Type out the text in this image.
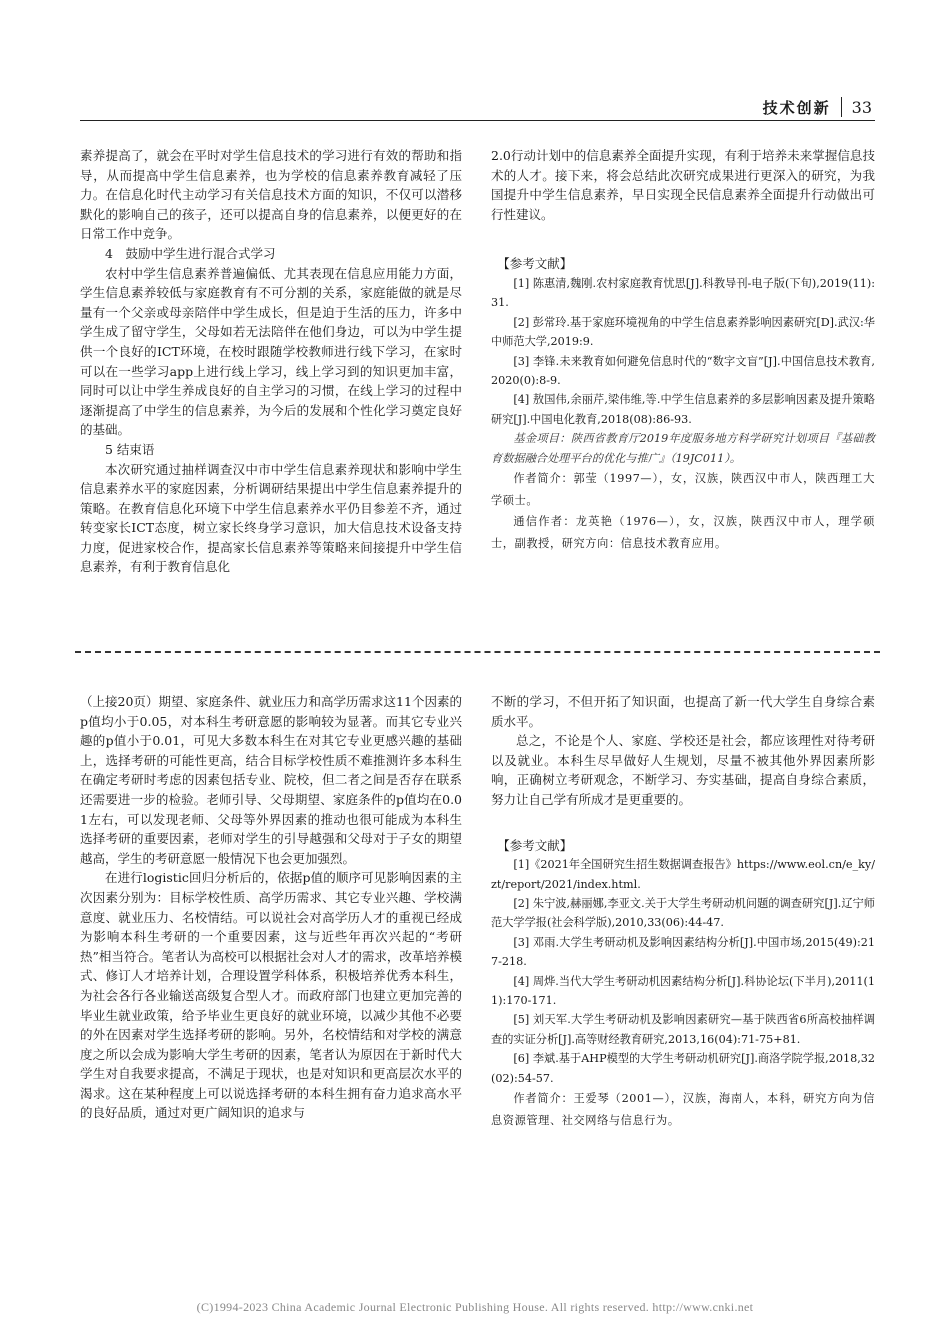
技术创新 33

素养提高了，就会在平时对学生信息技术的学习进行有效的帮助和指导，从而提高中学生信息素养，也为学校的信息素养教育减轻了压力。在信息化时代主动学习有关信息技术方面的知识，不仅可以潜移默化的影响自己的孩子，还可以提高自身的信息素养，以便更好的在日常工作中竞争。

4　鼓励中学生进行混合式学习

农村中学生信息素养普遍偏低、尤其表现在信息应用能力方面，学生信息素养较低与家庭教育有不可分割的关系，家庭能做的就是尽量有一个父亲或母亲陪伴中学生成长，但是迫于生活的压力，许多中学生成了留守学生，父母如若无法陪伴在他们身边，可以为中学生提供一个良好的ICT环境，在校时跟随学校教师进行线下学习，在家时可以在一些学习app上进行线上学习，线上学习到的知识更加丰富，同时可以让中学生养成良好的自主学习的习惯，在线上学习的过程中逐渐提高了中学生的信息素养，为今后的发展和个性化学习奠定良好的基础。

5 结束语

本次研究通过抽样调查汉中市中学生信息素养现状和影响中学生信息素养水平的家庭因素，分析调研结果提出中学生信息素养提升的策略。在教育信息化环境下中学生信息素养水平仍目参差不齐，通过转变家长ICT态度，树立家长终身学习意识，加大信息技术设备支持力度，促进家校合作，提高家长信息素养等策略来间接提升中学生信息素养，有利于教育信息化

2.0行动计划中的信息素养全面提升实现，有利于培养未来掌握信息技术的人才。接下来，将会总结此次研究成果进行更深入的研究，为我国提升中学生信息素养，早日实现全民信息素养全面提升行动做出可行性建议。

【参考文献】

[1] 陈惠清,魏刚.农村家庭教育忧思[J].科教导刊-电子版(下旬),2019(11):31.

[2] 彭常玲.基于家庭环境视角的中学生信息素养影响因素研究[D].武汉:华中师范大学,2019:9.

[3] 李锋.未来教育如何避免信息时代的“数字文盲”[J].中国信息技术教育,2020(0):8-9.

[4] 敖国伟,余丽芹,梁伟维,等.中学生信息素养的多层影响因素及提升策略研究[J].中国电化教育,2018(08):86-93.

基金项目：陕西省教育厅2019年度服务地方科学研究计划项目『基础教育数据融合处理平台的优化与推广』（19JC011）。

作者简介：郭莹（1997—），女，汉族，陕西汉中市人，陕西理工大学硕士。

通信作者：龙英艳（1976—），女，汉族，陕西汉中市人，理学硕士，副教授，研究方向：信息技术教育应用。

（上接20页）期望、家庭条件、就业压力和高学历需求这11个因素的p值均小于0.05，对本科生考研意愿的影响较为显著。而其它专业兴趣的p值小于0.01，可见大多数本科生在对其它专业更感兴趣的基础上，选择考研的可能性更高，结合目标学校性质不难推测许多本科生在确定考研时考虑的因素包括专业、院校，但二者之间是否存在联系还需要进一步的检验。老师引导、父母期望、家庭条件的p值均在0.01左右，可以发现老师、父母等外界因素的推动也很可能成为本科生选择考研的重要因素，老师对学生的引导越强和父母对于子女的期望越高，学生的考研意愿一般情况下也会更加强烈。

在进行logistic回归分析后的，依据p值的顺序可见影响因素的主次因素分别为：目标学校性质、高学历需求、其它专业兴趣、学校满意度、就业压力、名校情结。可以说社会对高学历人才的重视已经成为影响本科生考研的一个重要因素，这与近些年再次兴起的“考研热”相当符合。笔者认为高校可以根据社会对人才的需求，改革培养模式、修订人才培养计划，合理设置学科体系，积极培养优秀本科生，为社会各行各业输送高级复合型人才。而政府部门也建立更加完善的毕业生就业政策，给予毕业生更良好的就业环境，以减少其他不必要的外在因素对学生选择考研的影响。另外，名校情结和对学校的满意度之所以会成为影响大学生考研的因素，笔者认为原因在于新时代大学生对自我要求提高，不满足于现状，也是对知识和更高层次水平的渴求。这在某种程度上可以说选择考研的本科生拥有奋力追求高水平的良好品质，通过对更广阔知识的追求与

不断的学习，不但开拓了知识面，也提高了新一代大学生自身综合素质水平。

总之，不论是个人、家庭、学校还是社会，都应该理性对待考研以及就业。本科生尽早做好人生规划，尽量不被其他外界因素所影响，正确树立考研观念，不断学习、夯实基础，提高自身综合素质，努力让自己学有所成才是更重要的。

【参考文献】

[1]《2021年全国研究生招生数据调查报告》https://www.eol.cn/e_ky/zt/report/2021/index.html.

[2] 朱宁波,赫丽娜,李亚文.关于大学生考研动机问题的调查研究[J].辽宁师范大学学报(社会科学版),2010,33(06):44-47.

[3] 邓雨.大学生考研动机及影响因素结构分析[J].中国市场,2015(49):217-218.

[4] 周烨.当代大学生考研动机因素结构分析[J].科协论坛(下半月),2011(11):170-171.

[5] 刘天军.大学生考研动机及影响因素研究—基于陕西省6所高校抽样调查的实证分析[J].高等财经教育研究,2013,16(04):71-75+81.

[6] 李斌.基于AHP模型的大学生考研动机研究[J].商洛学院学报,2018,32(02):54-57.

作者简介：王爱琴（2001—），汉族，海南人，本科，研究方向为信息资源管理、社交网络与信息行为。

(C)1994-2023 China Academic Journal Electronic Publishing House. All rights reserved. http://www.cnki.net
